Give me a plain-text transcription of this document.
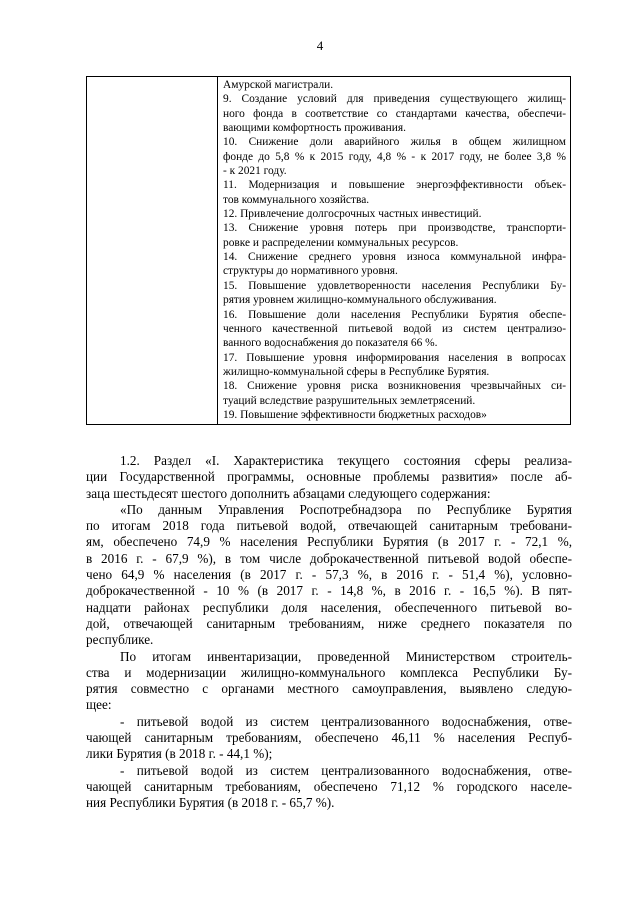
4

Амурской магистрали.
9. Создание условий для приведения существующего жилищ-
ного фонда в соответствие со стандартами качества, обеспечи-
вающими комфортность проживания.
10. Снижение доли аварийного жилья в общем жилищном
фонде до 5,8 % к 2015 году, 4,8 % - к 2017 году, не более 3,8 %
- к 2021 году.
11. Модернизация и повышение энергоэффективности объек-
тов коммунального хозяйства.
12. Привлечение долгосрочных частных инвестиций.
13. Снижение уровня потерь при производстве, транспорти-
ровке и распределении коммунальных ресурсов.
14. Снижение среднего уровня износа коммунальной инфра-
структуры до нормативного уровня.
15. Повышение удовлетворенности населения Республики Бу-
рятия уровнем жилищно-коммунального обслуживания.
16. Повышение доли населения Республики Бурятия обеспе-
ченного качественной питьевой водой из систем централизо-
ванного водоснабжения до показателя 66 %.
17. Повышение уровня информирования населения в вопросах
жилищно-коммунальной сферы в Республике Бурятия.
18. Снижение уровня риска возникновения чрезвычайных си-
туаций вследствие разрушительных землетрясений.
19. Повышение эффективности бюджетных расходов»
1.2. Раздел «I. Характеристика текущего состояния сферы реализа-
ции Государственной программы, основные проблемы развития» после аб-
заца шестьдесят шестого дополнить абзацами следующего содержания:
«По данным Управления Роспотребнадзора по Республике Бурятия
по итогам 2018 года питьевой водой, отвечающей санитарным требовани-
ям, обеспечено 74,9 % населения Республики Бурятия (в 2017 г. - 72,1 %,
в 2016 г. - 67,9 %), в том числе доброкачественной питьевой водой обеспе-
чено 64,9 % населения (в 2017 г. - 57,3 %, в 2016 г. - 51,4 %), условно-
доброкачественной - 10 % (в 2017 г. - 14,8 %, в 2016 г. - 16,5 %). В пят-
надцати районах республики доля населения, обеспеченного питьевой во-
дой, отвечающей санитарным требованиям, ниже среднего показателя по
республике.
По итогам инвентаризации, проведенной Министерством строитель-
ства и модернизации жилищно-коммунального комплекса Республики Бу-
рятия совместно с органами местного самоуправления, выявлено следую-
щее:
- питьевой водой из систем централизованного водоснабжения, отве-
чающей санитарным требованиям, обеспечено 46,11 % населения Респуб-
лики Бурятия (в 2018 г. - 44,1 %);
- питьевой водой из систем централизованного водоснабжения, отве-
чающей санитарным требованиям, обеспечено 71,12 % городского населе-
ния Республики Бурятия (в 2018 г. - 65,7 %).
